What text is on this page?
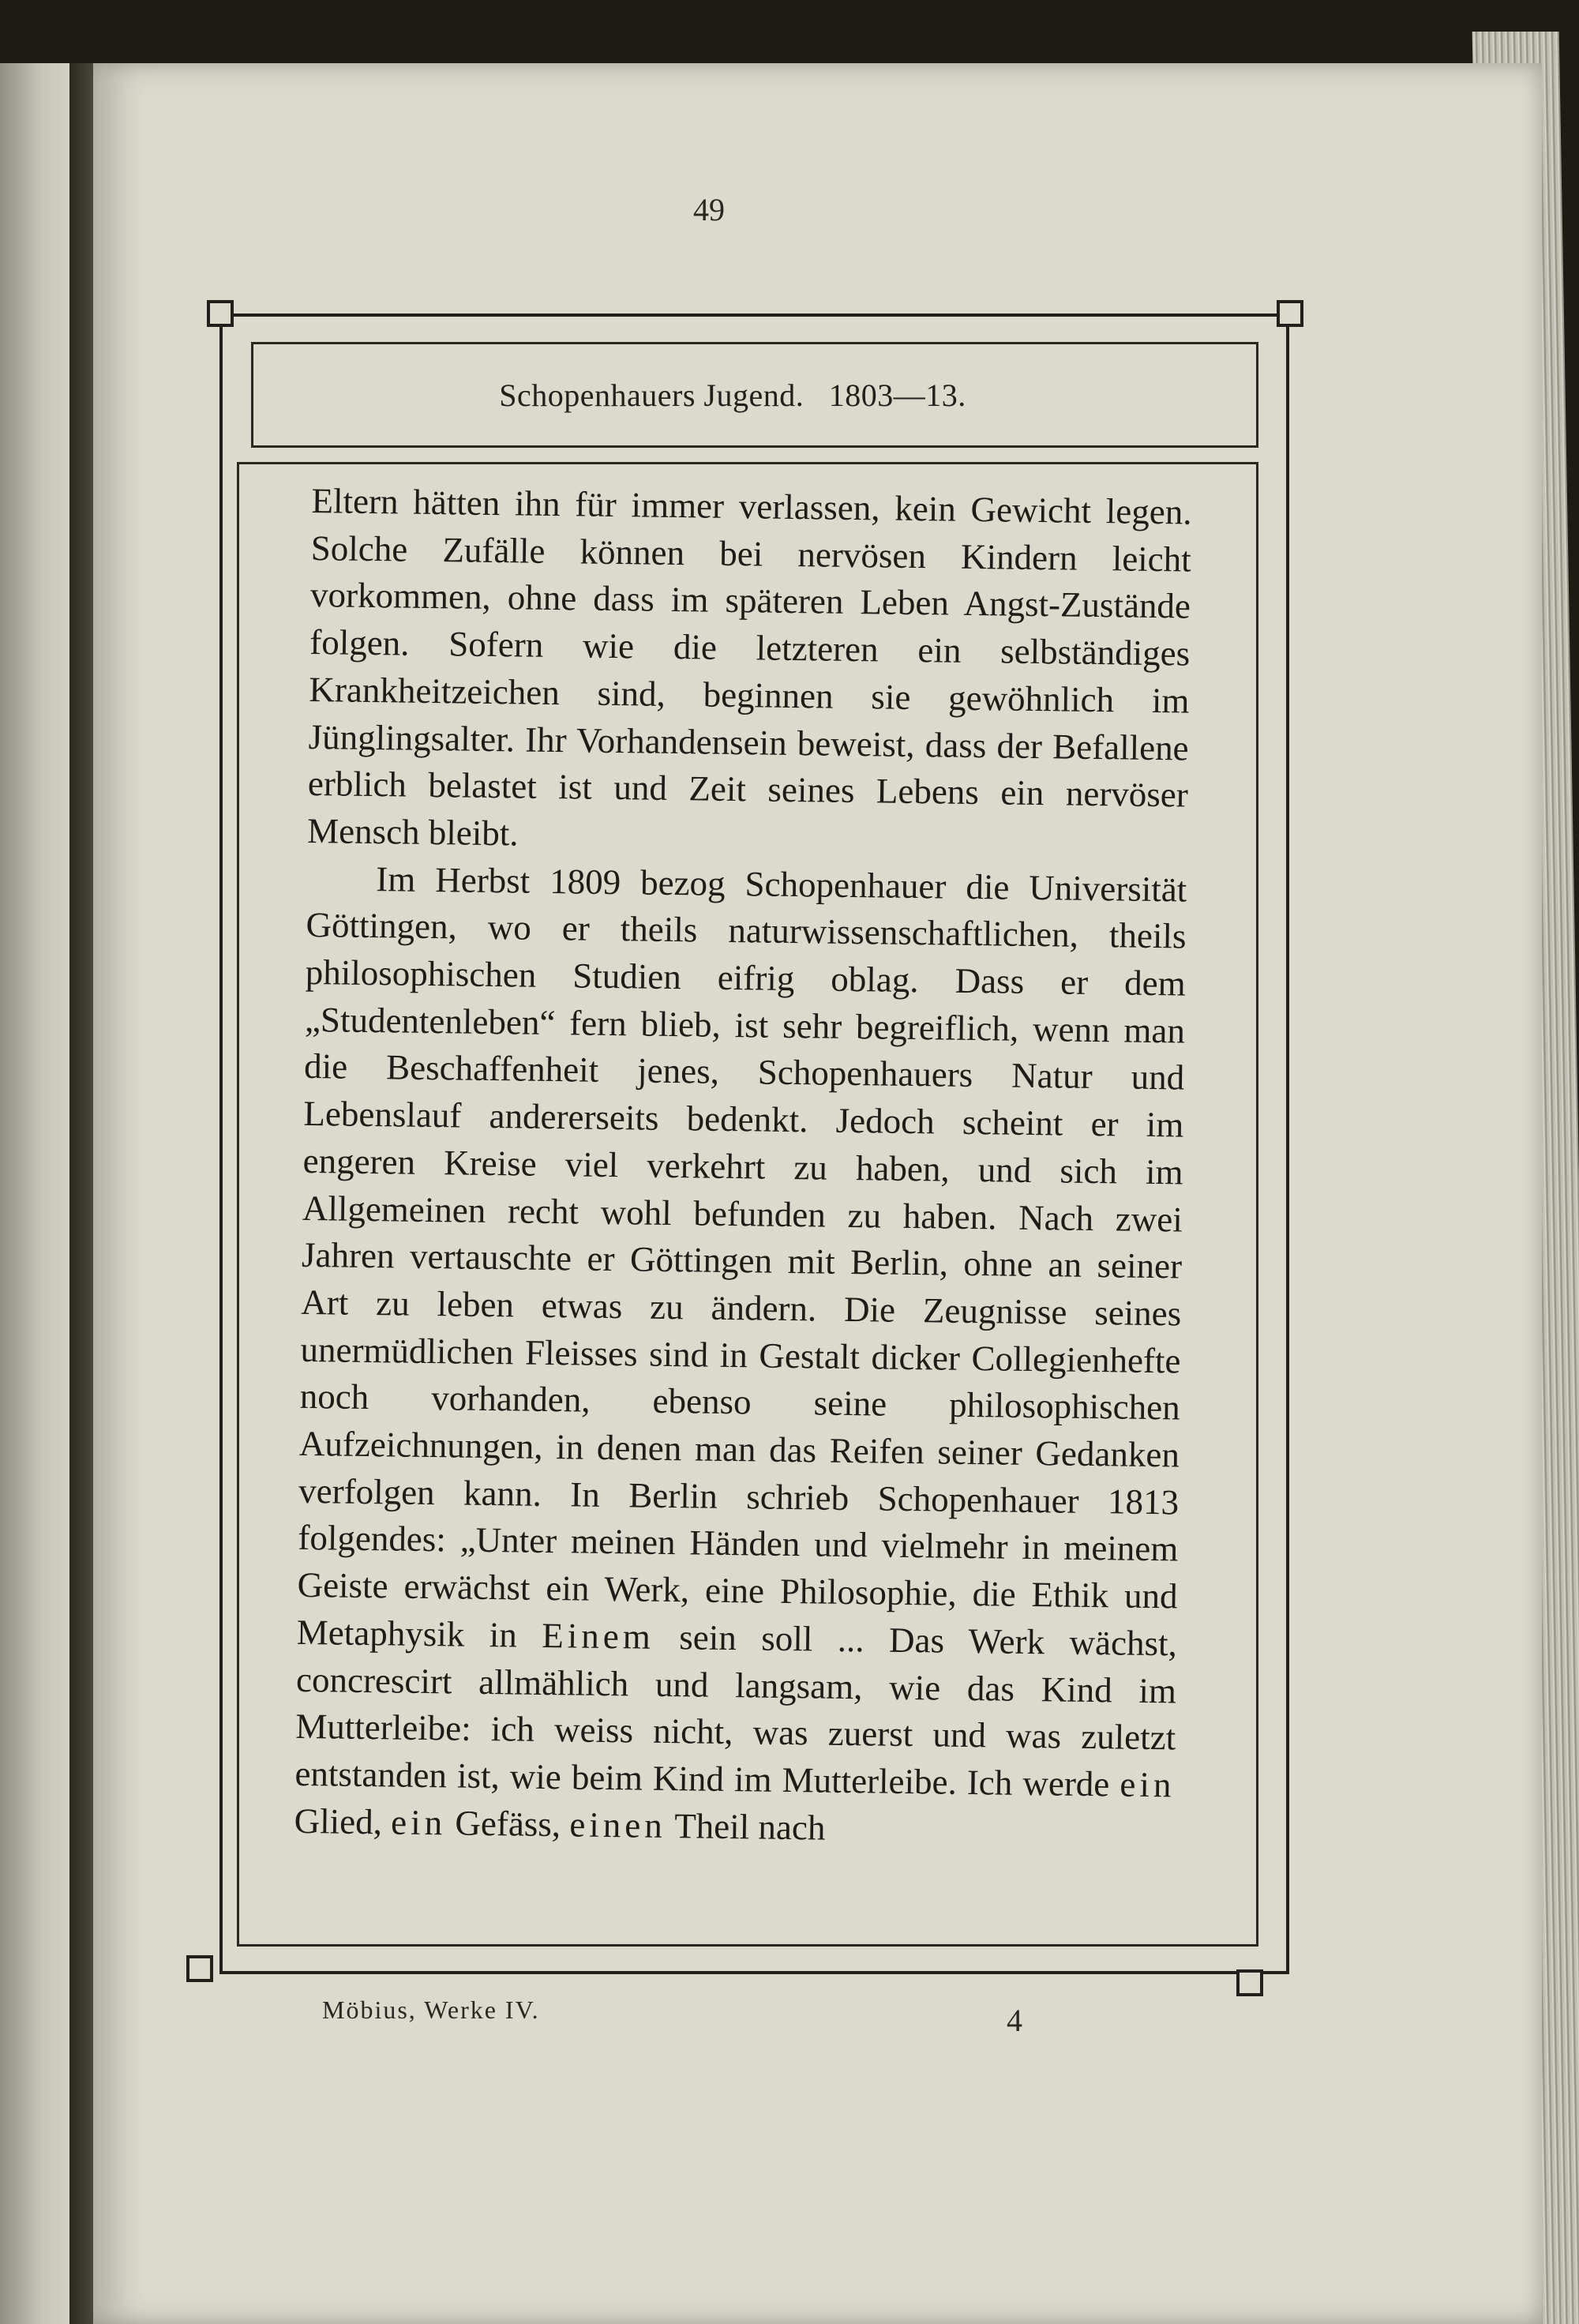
49
Schopenhauers Jugend.   1803—13.

Eltern hätten ihn für immer verlassen, kein Gewicht legen. Solche Zufälle können bei nervösen Kindern leicht vorkommen, ohne dass im späteren Leben Angst-Zustände folgen. Sofern wie die letzteren ein selbständiges Krankheitzeichen sind, beginnen sie gewöhnlich im Jünglingsalter. Ihr Vorhandensein beweist, dass der Befallene erblich belastet ist und Zeit seines Lebens ein nervöser Mensch bleibt.

Im Herbst 1809 bezog Schopenhauer die Universität Göttingen, wo er theils naturwissenschaftlichen, theils philosophischen Studien eifrig oblag. Dass er dem „Studentenleben“ fern blieb, ist sehr begreiflich, wenn man die Beschaffenheit jenes, Schopenhauers Natur und Lebenslauf andererseits bedenkt. Jedoch scheint er im engeren Kreise viel verkehrt zu haben, und sich im Allgemeinen recht wohl befunden zu haben. Nach zwei Jahren vertauschte er Göttingen mit Berlin, ohne an seiner Art zu leben etwas zu ändern. Die Zeugnisse seines unermüdlichen Fleisses sind in Gestalt dicker Collegienhefte noch vorhanden, ebenso seine philosophischen Aufzeichnungen, in denen man das Reifen seiner Gedanken verfolgen kann. In Berlin schrieb Schopenhauer 1813 folgendes: „Unter meinen Händen und vielmehr in meinem Geiste erwächst ein Werk, eine Philosophie, die Ethik und Metaphysik in Einem sein soll ... Das Werk wächst, concrescirt allmählich und langsam, wie das Kind im Mutterleibe: ich weiss nicht, was zuerst und was zuletzt entstanden ist, wie beim Kind im Mutterleibe. Ich werde ein Glied, ein Gefäss, einen Theil nach

Möbius, Werke IV.	4
